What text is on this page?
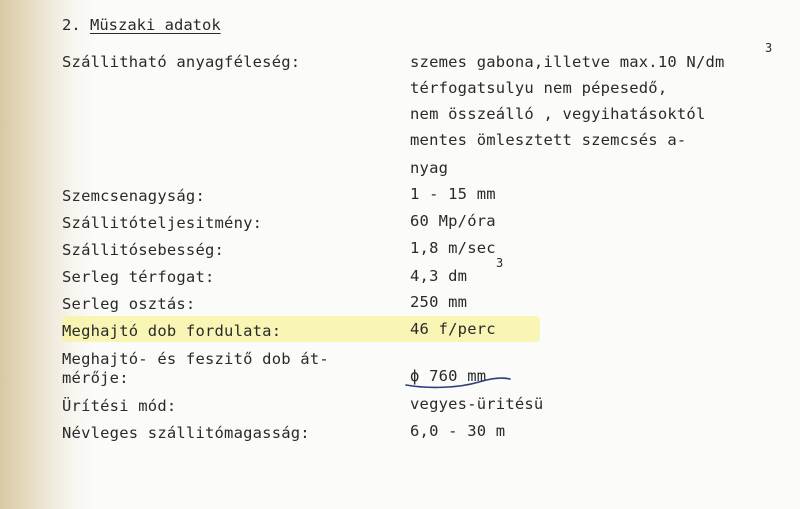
2. Müszaki adatok
Szállitható anyagféleség:	szemes gabona,illetve max.10 N/dm
3
térfogatsulyu nem pépesedő,
nem összeálló , vegyihatásoktól
mentes ömlesztett szemcsés a-
nyag
Szemcsenagyság:	1 - 15 mm
Szállitóteljesitmény:	60 Mp/óra
Szállitósebesség:	1,8 m/sec
Serleg térfogat:	4,3 dm
3
Serleg osztás:	250 mm
Meghajtó dob fordulata:	46 f/perc
Meghajtó- és feszitő dob át-
mérője:	ϕ 760 mm
Ürítési mód:	vegyes-üritésü
Névleges szállitómagasság:	6,0 - 30 m
